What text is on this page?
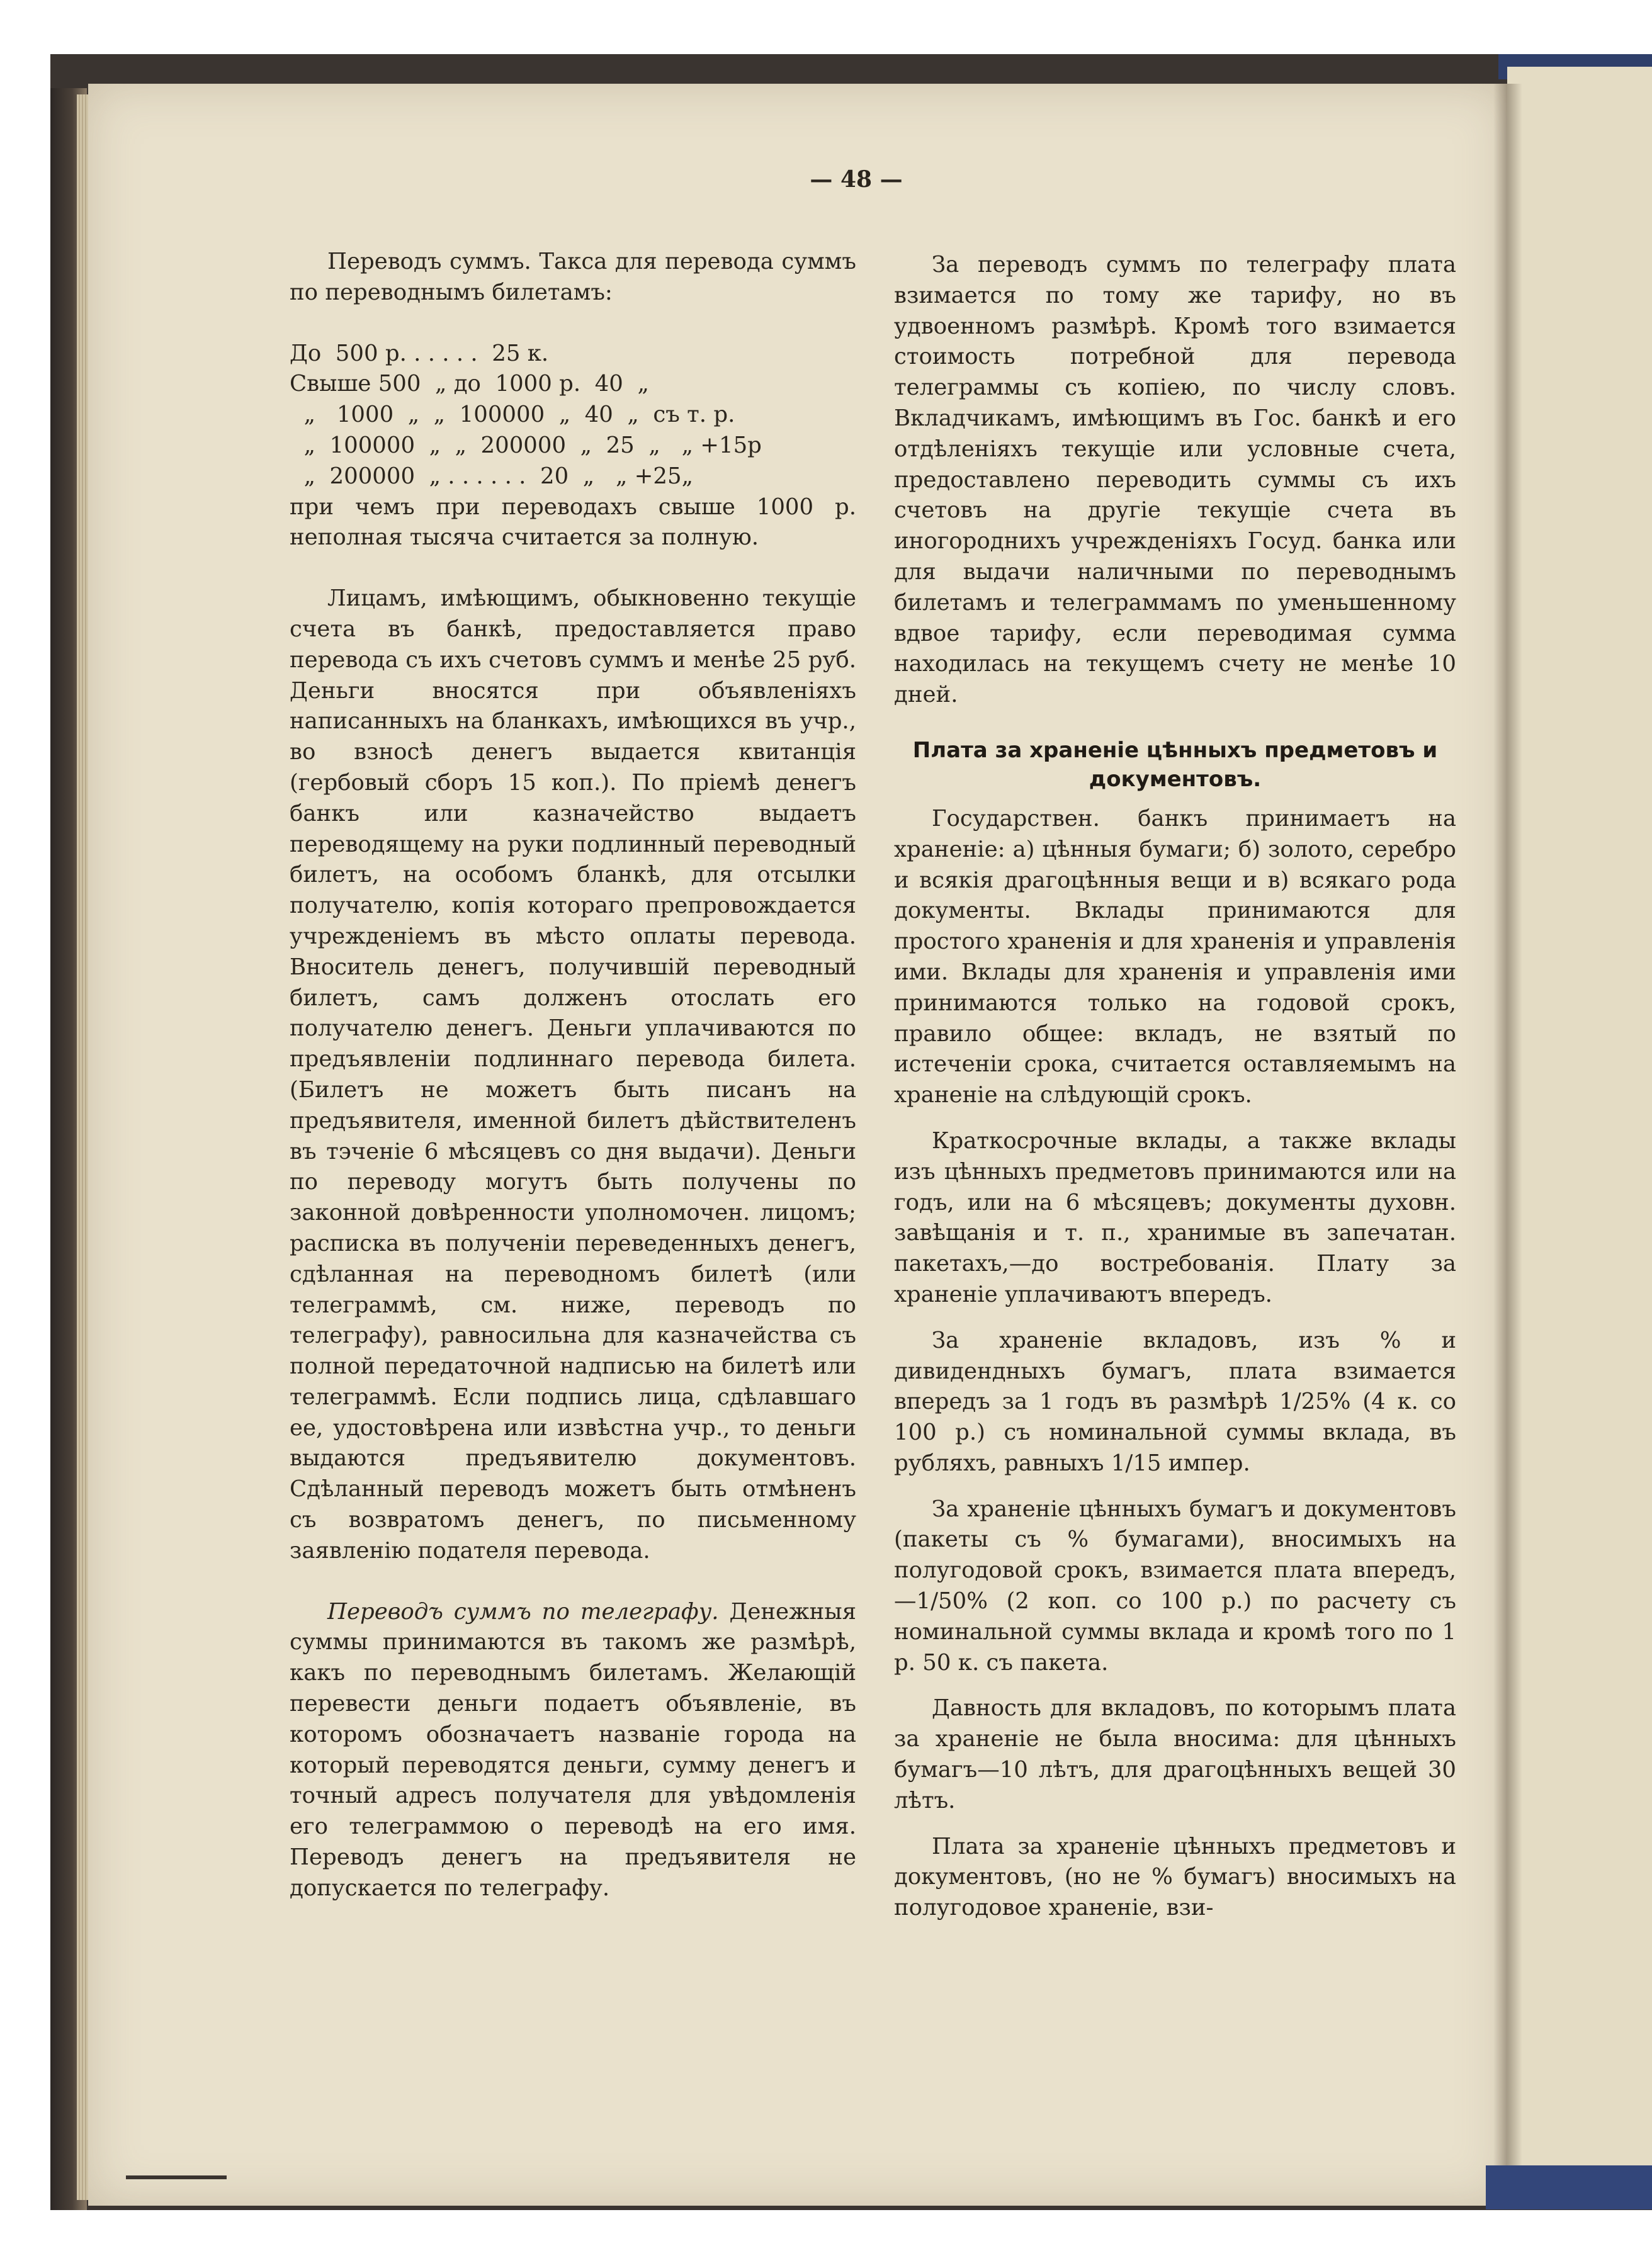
— 48 —

Переводъ суммъ. Такса для перевода суммъ по переводнымъ билетамъ:

До  500 р. . . . . .  25 к.
Свыше 500  „ до  1000 р.  40  „
„   1000  „  „  100000  „  40  „  съ т. р.
„  100000  „  „  200000  „  25  „   „ +15р
„  200000  „ . . . . . .  20  „   „ +25„

при чемъ при переводахъ свыше 1000 р. неполная тысяча считается за полную.

Лицамъ, имѣющимъ, обыкновенно текущіе счета въ банкѣ, предоставляется право перевода съ ихъ счетовъ суммъ и менѣе 25 руб. Деньги вносятся при объявленіяхъ написанныхъ на бланкахъ, имѣющихся въ учр., во взносѣ денегъ выдается квитанція (гербовый сборъ 15 коп.). По пріемѣ денегъ банкъ или казначейство выдаетъ переводящему на руки подлинный переводный билетъ, на особомъ бланкѣ, для отсылки получателю, копія котораго препровождается учрежденіемъ въ мѣсто оплаты перевода. Вноситель денегъ, получившій переводный билетъ, самъ долженъ отослать его получателю денегъ. Деньги уплачиваются по предъявленіи подлиннаго перевода билета. (Билетъ не можетъ быть писанъ на предъявителя, именной билетъ дѣйствителенъ въ тэченіе 6 мѣсяцевъ со дня выдачи). Деньги по переводу могутъ быть получены по законной довѣренности уполномочен. лицомъ; расписка въ полученіи переведенныхъ денегъ, сдѣланная на переводномъ билетѣ (или телеграммѣ, см. ниже, переводъ по телеграфу), равносильна для казначейства съ полной передаточной надписью на билетѣ или телеграммѣ. Если подпись лица, сдѣлавшаго ее, удостовѣрена или извѣстна учр., то деньги выдаются предъявителю документовъ. Сдѣланный переводъ можетъ быть отмѣненъ съ возвратомъ денегъ, по письменному заявленію подателя перевода.

Переводъ суммъ по телеграфу. Денежныя суммы принимаются въ такомъ же размѣрѣ, какъ по переводнымъ билетамъ. Желающій перевести деньги подаетъ объявленіе, въ которомъ обозначаетъ названіе города на который переводятся деньги, сумму денегъ и точный адресъ получателя для увѣдомленія его телеграммою о переводѣ на его имя. Переводъ денегъ на предъявителя не допускается по телеграфу.

За переводъ суммъ по телеграфу плата взимается по тому же тарифу, но въ удвоенномъ размѣрѣ. Кромѣ того взимается стоимость потребной для перевода телеграммы съ копіею, по числу словъ. Вкладчикамъ, имѣющимъ въ Гос. банкѣ и его отдѣленіяхъ текущіе или условные счета, предоставлено переводить суммы съ ихъ счетовъ на другіе текущіе счета въ иногороднихъ учрежденіяхъ Госуд. банка или для выдачи наличными по переводнымъ билетамъ и телеграммамъ по уменьшенному вдвое тарифу, если переводимая сумма находилась на текущемъ счету не менѣе 10 дней.

Плата за храненіе цѣнныхъ предметовъ и документовъ.

Государствен. банкъ принимаетъ на храненіе: а) цѣнныя бумаги; б) золото, серебро и всякія драгоцѣнныя вещи и в) всякаго рода документы. Вклады принимаются для простого храненія и для храненія и управленія ими. Вклады для храненія и управленія ими принимаются только на годовой срокъ, правило общее: вкладъ, не взятый по истеченіи срока, считается оставляемымъ на храненіе на слѣдующій срокъ.

Краткосрочные вклады, а также вклады изъ цѣнныхъ предметовъ принимаются или на годъ, или на 6 мѣсяцевъ; документы духовн. завѣщанія и т. п., хранимые въ запечатан. пакетахъ,—до востребованія. Плату за храненіе уплачиваютъ впередъ.

За храненіе вкладовъ, изъ % и дивидендныхъ бумагъ, плата взимается впередъ за 1 годъ въ размѣрѣ 1/25% (4 к. со 100 р.) съ номинальной суммы вклада, въ рубляхъ, равныхъ 1/15 импер.

За храненіе цѣнныхъ бумагъ и документовъ (пакеты съ % бумагами), вносимыхъ на полугодовой срокъ, взимается плата впередъ,—1/50% (2 коп. со 100 р.) по расчету съ номинальной суммы вклада и кромѣ того по 1 р. 50 к. съ пакета.

Давность для вкладовъ, по которымъ плата за храненіе не была вносима: для цѣнныхъ бумагъ—10 лѣтъ, для драгоцѣнныхъ вещей 30 лѣтъ.

Плата за храненіе цѣнныхъ предметовъ и документовъ, (но не % бумагъ) вносимыхъ на полугодовое храненіе, взи-
